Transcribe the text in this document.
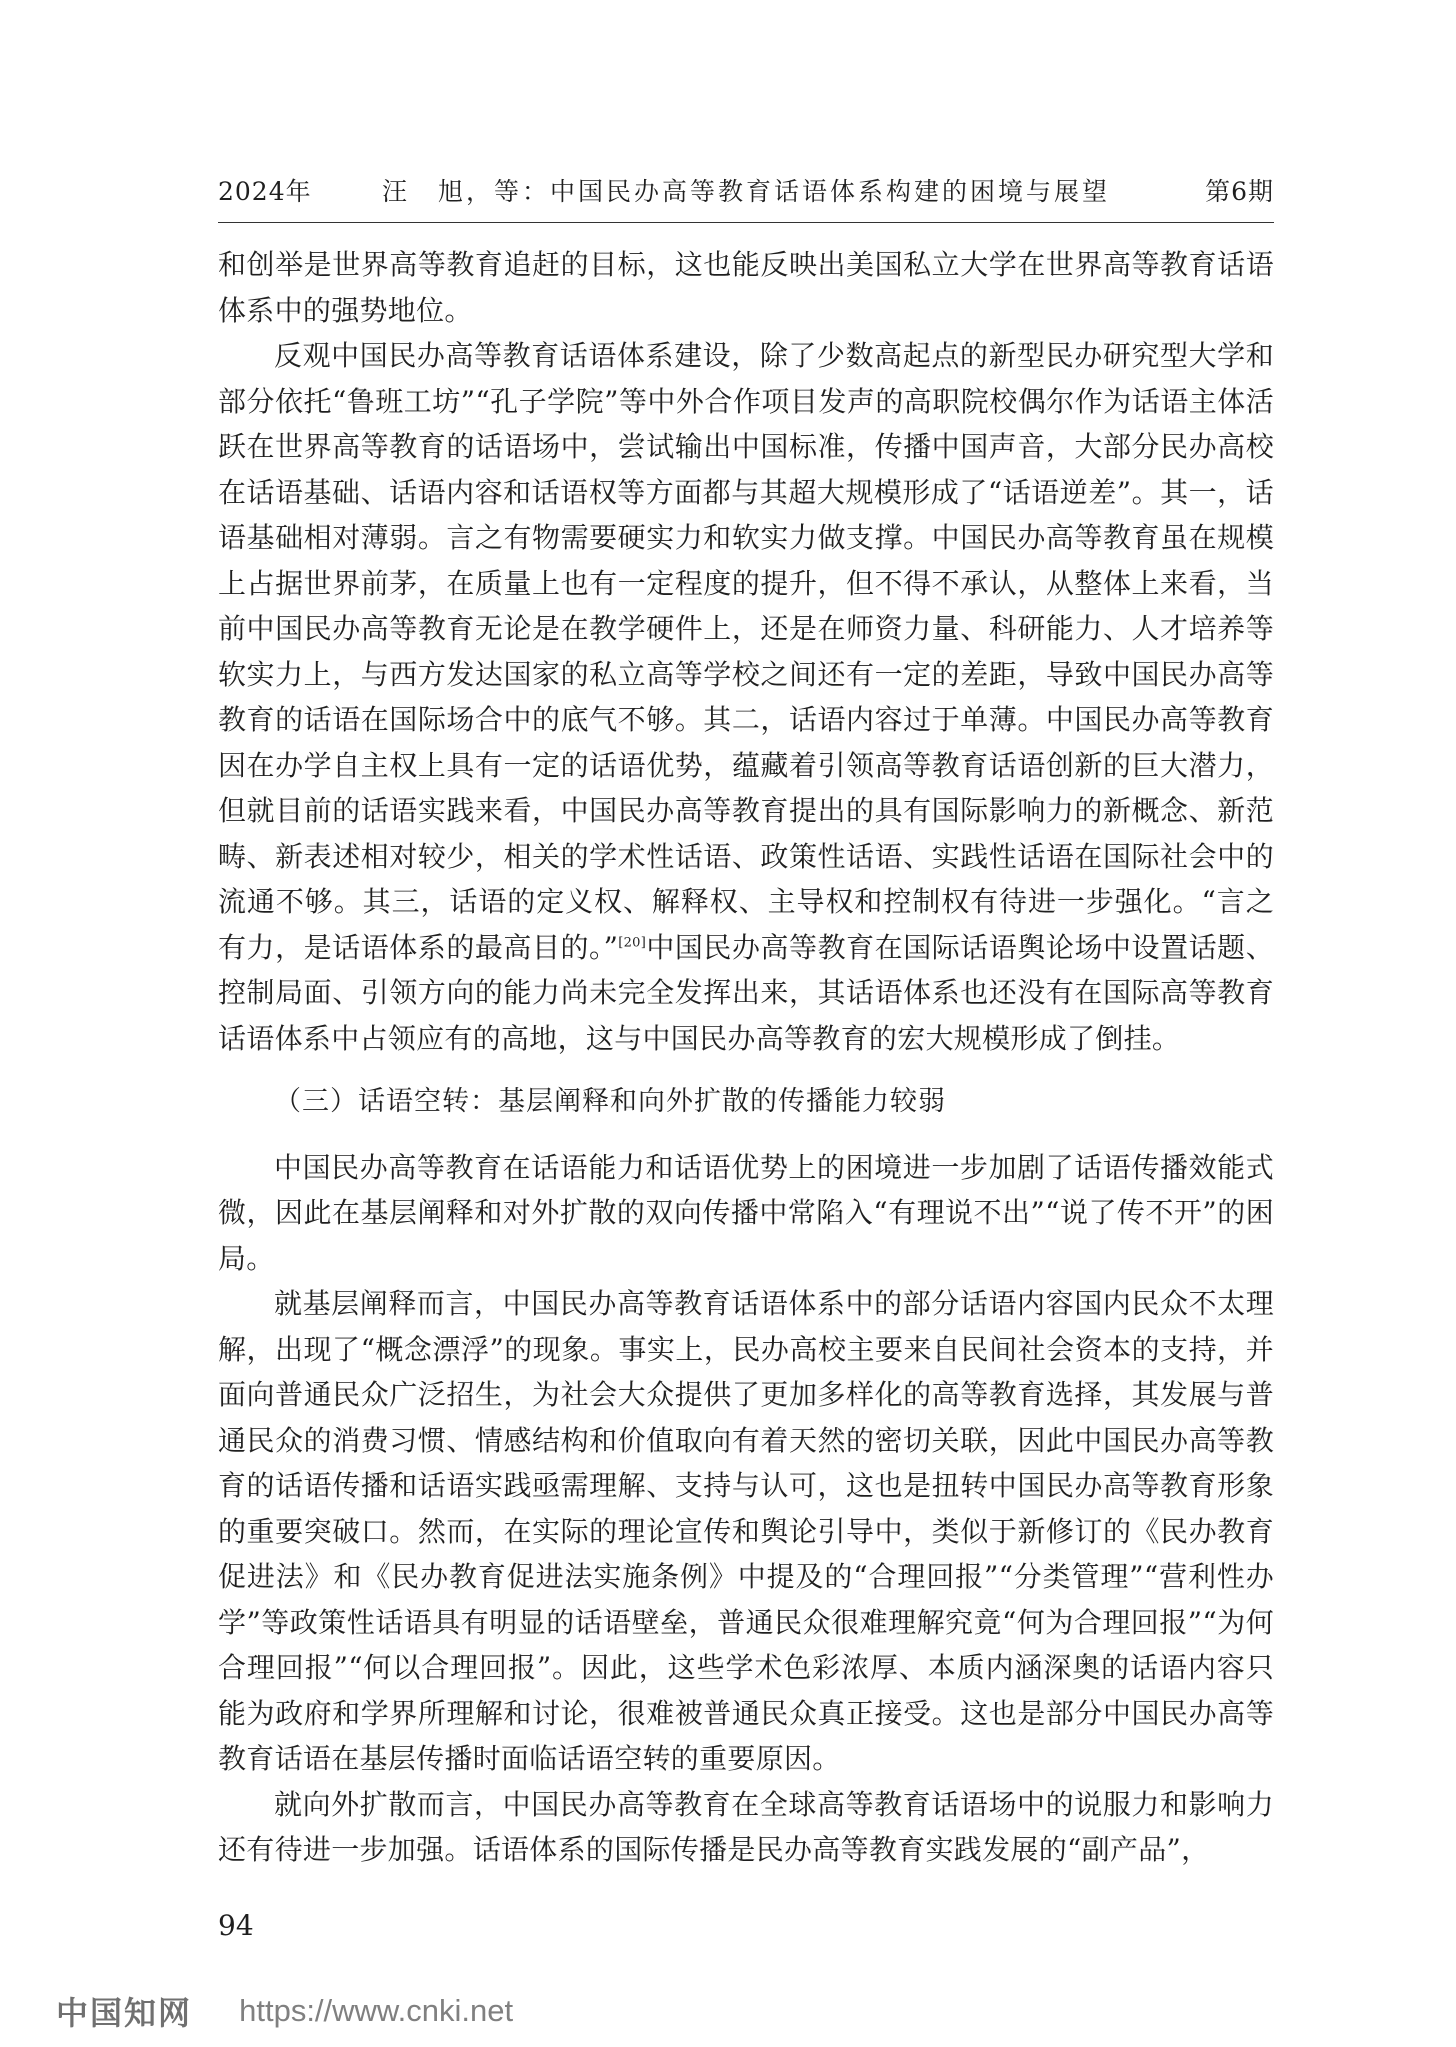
2024年	汪　旭，等：中国民办高等教育话语体系构建的困境与展望	第6期

和创举是世界高等教育追赶的目标，这也能反映出美国私立大学在世界高等教育话语体系中的强势地位。

反观中国民办高等教育话语体系建设，除了少数高起点的新型民办研究型大学和部分依托“鲁班工坊”“孔子学院”等中外合作项目发声的高职院校偶尔作为话语主体活跃在世界高等教育的话语场中，尝试输出中国标准，传播中国声音，大部分民办高校在话语基础、话语内容和话语权等方面都与其超大规模形成了“话语逆差”。其一，话语基础相对薄弱。言之有物需要硬实力和软实力做支撑。中国民办高等教育虽在规模上占据世界前茅，在质量上也有一定程度的提升，但不得不承认，从整体上来看，当前中国民办高等教育无论是在教学硬件上，还是在师资力量、科研能力、人才培养等软实力上，与西方发达国家的私立高等学校之间还有一定的差距，导致中国民办高等教育的话语在国际场合中的底气不够。其二，话语内容过于单薄。中国民办高等教育因在办学自主权上具有一定的话语优势，蕴藏着引领高等教育话语创新的巨大潜力，但就目前的话语实践来看，中国民办高等教育提出的具有国际影响力的新概念、新范畴、新表述相对较少，相关的学术性话语、政策性话语、实践性话语在国际社会中的流通不够。其三，话语的定义权、解释权、主导权和控制权有待进一步强化。“言之有力，是话语体系的最高目的。”[20]中国民办高等教育在国际话语舆论场中设置话题、控制局面、引领方向的能力尚未完全发挥出来，其话语体系也还没有在国际高等教育话语体系中占领应有的高地，这与中国民办高等教育的宏大规模形成了倒挂。

（三）话语空转：基层阐释和向外扩散的传播能力较弱

中国民办高等教育在话语能力和话语优势上的困境进一步加剧了话语传播效能式微，因此在基层阐释和对外扩散的双向传播中常陷入“有理说不出”“说了传不开”的困局。

就基层阐释而言，中国民办高等教育话语体系中的部分话语内容国内民众不太理解，出现了“概念漂浮”的现象。事实上，民办高校主要来自民间社会资本的支持，并面向普通民众广泛招生，为社会大众提供了更加多样化的高等教育选择，其发展与普通民众的消费习惯、情感结构和价值取向有着天然的密切关联，因此中国民办高等教育的话语传播和话语实践亟需理解、支持与认可，这也是扭转中国民办高等教育形象的重要突破口。然而，在实际的理论宣传和舆论引导中，类似于新修订的《民办教育促进法》和《民办教育促进法实施条例》中提及的“合理回报”“分类管理”“营利性办学”等政策性话语具有明显的话语壁垒，普通民众很难理解究竟“何为合理回报”“为何合理回报”“何以合理回报”。因此，这些学术色彩浓厚、本质内涵深奥的话语内容只能为政府和学界所理解和讨论，很难被普通民众真正接受。这也是部分中国民办高等教育话语在基层传播时面临话语空转的重要原因。

就向外扩散而言，中国民办高等教育在全球高等教育话语场中的说服力和影响力还有待进一步加强。话语体系的国际传播是民办高等教育实践发展的“副产品”，

94
中国知网 https://www.cnki.net
